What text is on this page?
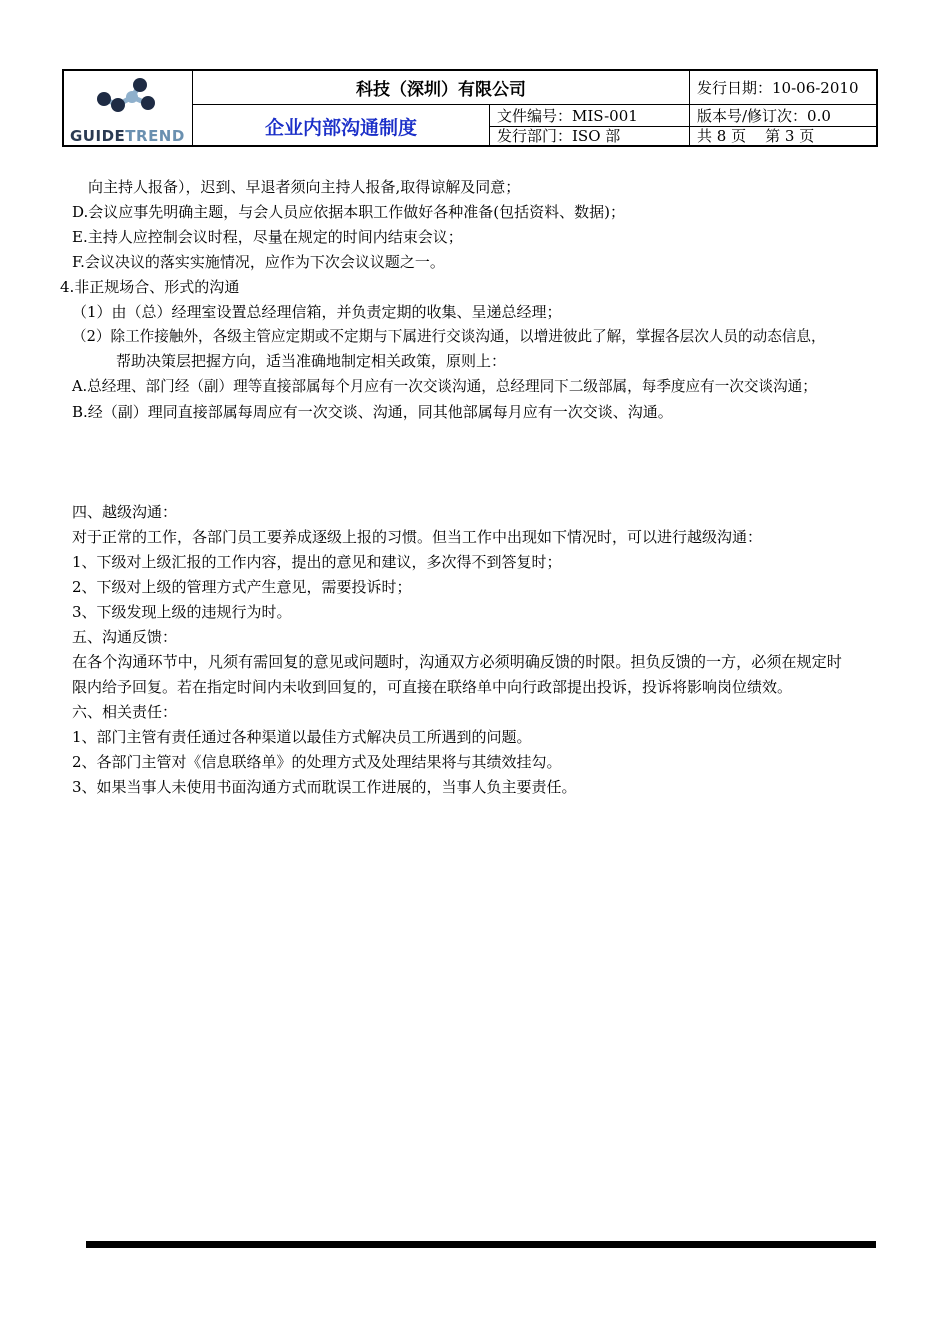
GUIDETREND
科技（深圳）有限公司
企业内部沟通制度
发行日期：10-06-2010
文件编号：MIS-001	版本号/修订次：0.0
发行部门：ISO 部	共 8 页    第 3 页
向主持人报备），迟到、早退者须向主持人报备,取得谅解及同意；
D.会议应事先明确主题，与会人员应依据本职工作做好各种准备(包括资料、数据)；
E.主持人应控制会议时程，尽量在规定的时间内结束会议；
F.会议决议的落实实施情况，应作为下次会议议题之一。
4.非正规场合、形式的沟通
（1）由（总）经理室设置总经理信箱，并负责定期的收集、呈递总经理；
（2）除工作接触外，各级主管应定期或不定期与下属进行交谈沟通，以增进彼此了解，掌握各层次人员的动态信息，
帮助决策层把握方向，适当准确地制定相关政策，原则上：
A.总经理、部门经（副）理等直接部属每个月应有一次交谈沟通，总经理同下二级部属，每季度应有一次交谈沟通；
B.经（副）理同直接部属每周应有一次交谈、沟通，同其他部属每月应有一次交谈、沟通。
四、越级沟通：
对于正常的工作，各部门员工要养成逐级上报的习惯。但当工作中出现如下情况时，可以进行越级沟通：
1、下级对上级汇报的工作内容，提出的意见和建议，多次得不到答复时；
2、下级对上级的管理方式产生意见，需要投诉时；
3、下级发现上级的违规行为时。
五、沟通反馈：
在各个沟通环节中，凡须有需回复的意见或问题时，沟通双方必须明确反馈的时限。担负反馈的一方，必须在规定时
限内给予回复。若在指定时间内未收到回复的，可直接在联络单中向行政部提出投诉，投诉将影响岗位绩效。
六、相关责任：
1、部门主管有责任通过各种渠道以最佳方式解决员工所遇到的问题。
2、各部门主管对《信息联络单》的处理方式及处理结果将与其绩效挂勾。
3、如果当事人未使用书面沟通方式而耽误工作进展的，当事人负主要责任。
